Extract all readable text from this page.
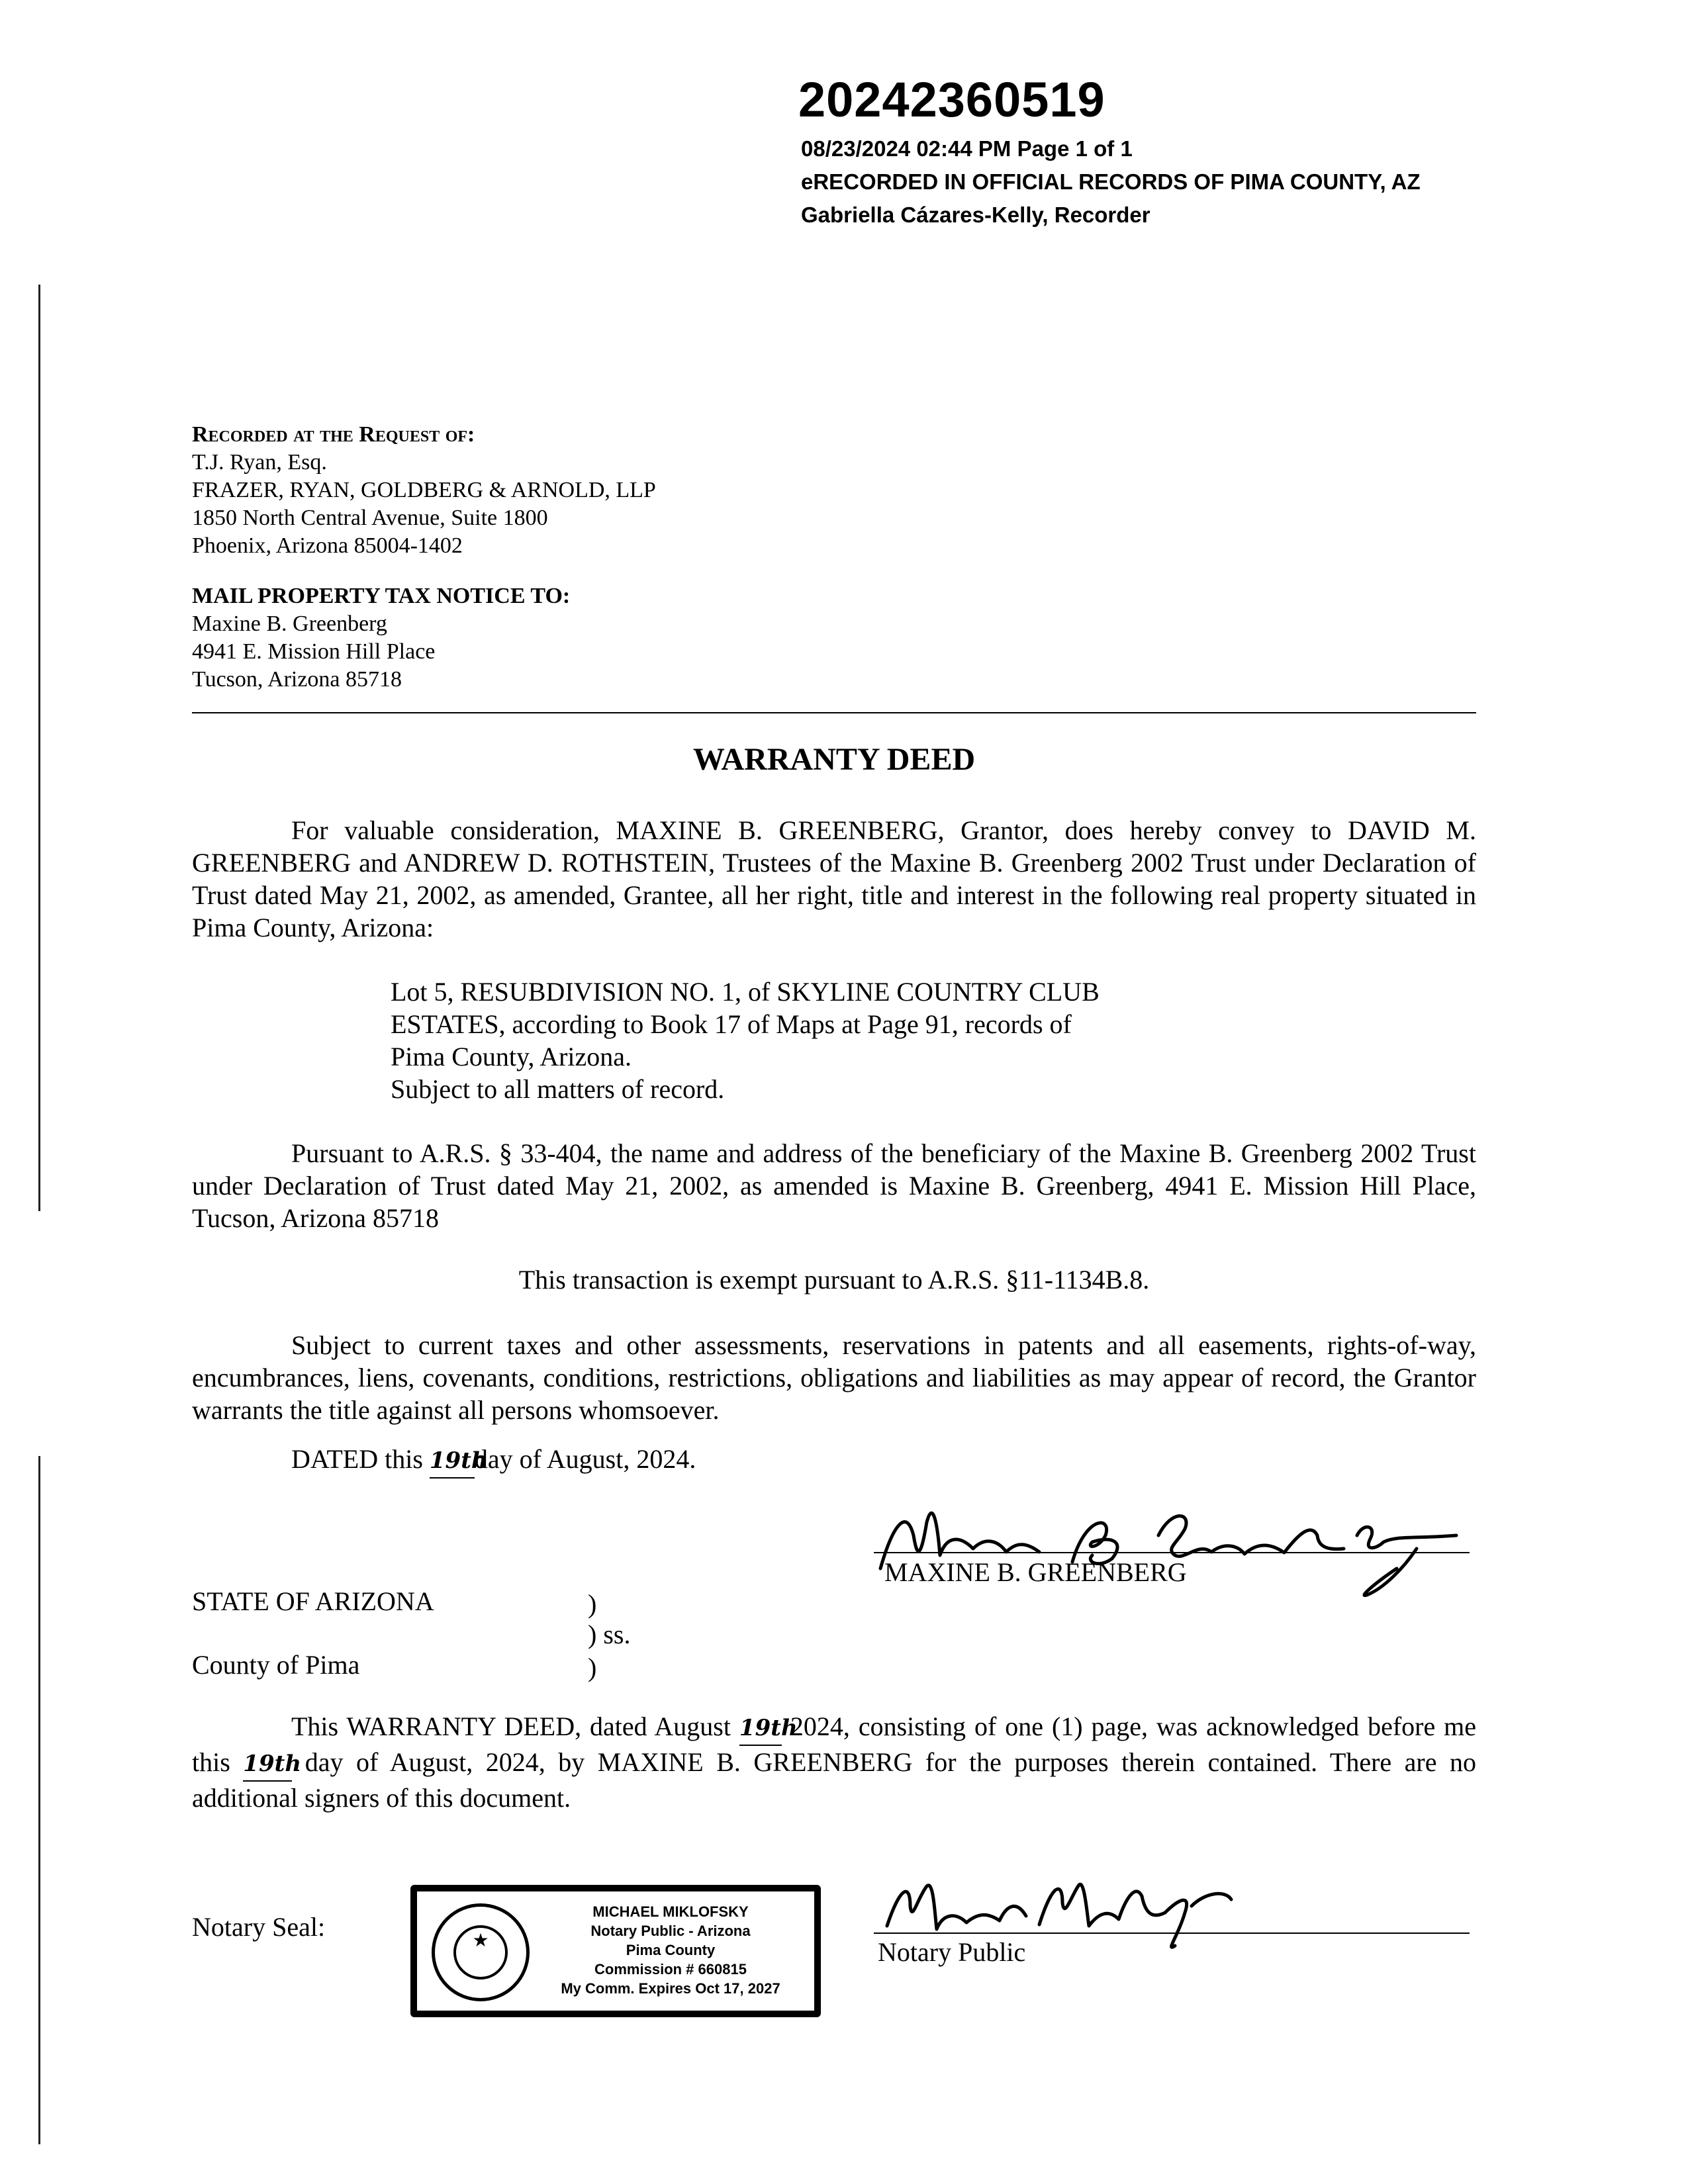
20242360519
08/23/2024 02:44 PM Page 1 of 1
eRECORDED IN OFFICIAL RECORDS OF PIMA COUNTY, AZ
Gabriella Cázares-Kelly, Recorder
Recorded at the Request of:
T.J. Ryan, Esq.
FRAZER, RYAN, GOLDBERG & ARNOLD, LLP
1850 North Central Avenue, Suite 1800
Phoenix, Arizona 85004-1402
MAIL PROPERTY TAX NOTICE TO:
Maxine B. Greenberg
4941 E. Mission Hill Place
Tucson, Arizona 85718
WARRANTY DEED
For valuable consideration, MAXINE B. GREENBERG, Grantor, does hereby convey to DAVID M. GREENBERG and ANDREW D. ROTHSTEIN, Trustees of the Maxine B. Greenberg 2002 Trust under Declaration of Trust dated May 21, 2002, as amended, Grantee, all her right, title and interest in the following real property situated in Pima County, Arizona:
Lot 5, RESUBDIVISION NO. 1, of SKYLINE COUNTRY CLUB
ESTATES, according to Book 17 of Maps at Page 91, records of
Pima County, Arizona.
Subject to all matters of record.
Pursuant to A.R.S. § 33-404, the name and address of the beneficiary of the Maxine B. Greenberg 2002 Trust under Declaration of Trust dated May 21, 2002, as amended is Maxine B. Greenberg, 4941 E. Mission Hill Place, Tucson, Arizona 85718
This transaction is exempt pursuant to A.R.S. §11-1134B.8.
Subject to current taxes and other assessments, reservations in patents and all easements, rights-of-way, encumbrances, liens, covenants, conditions, restrictions, obligations and liabilities as may appear of record, the Grantor warrants the title against all persons whomsoever.
DATED this 19thday of August, 2024.
MAXINE B. GREENBERG
STATE OF ARIZONA	)
) ss.
County of Pima	)
This WARRANTY DEED, dated August 19th 2024, consisting of one (1) page, was acknowledged before me this 19th day of August, 2024, by MAXINE B. GREENBERG for the purposes therein contained. There are no additional signers of this document.
Notary Seal:	★
MICHAEL MIKLOFSKY
Notary Public - Arizona
Pima County
Commission # 660815
My Comm. Expires Oct 17, 2027
Notary Public
